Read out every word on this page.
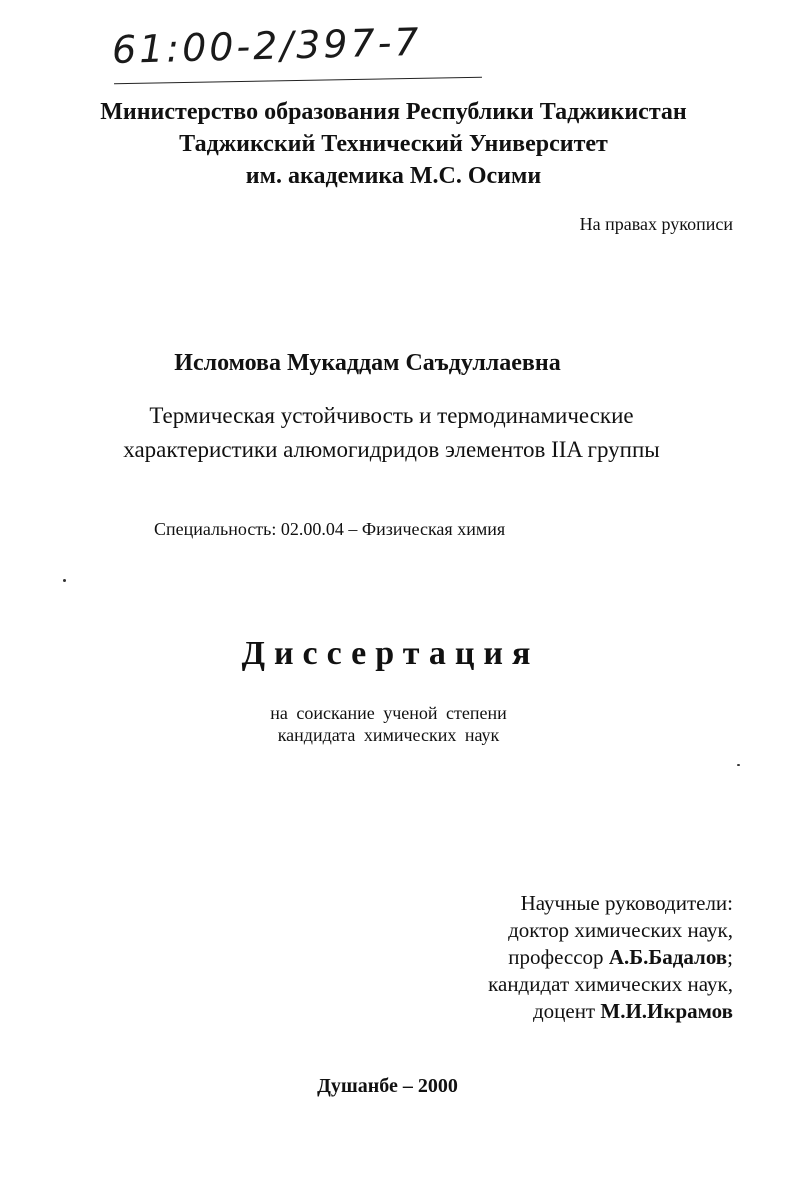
61:00-2/397-7
Министерство образования Республики Таджикистан
Таджикский Технический Университет
им. академика М.С. Осими
На правах рукописи
Исломова Мукаддам Саъдуллаевна
Термическая устойчивость и термодинамические
характеристики алюмогидридов элементов IIA группы
Специальность: 02.00.04 – Физическая химия
Диссертация
на соискание ученой степени
кандидата химических наук
Научные руководители:
доктор химических наук,
профессор А.Б.Бадалов;
кандидат химических наук,
доцент М.И.Икрамов
Душанбе – 2000
